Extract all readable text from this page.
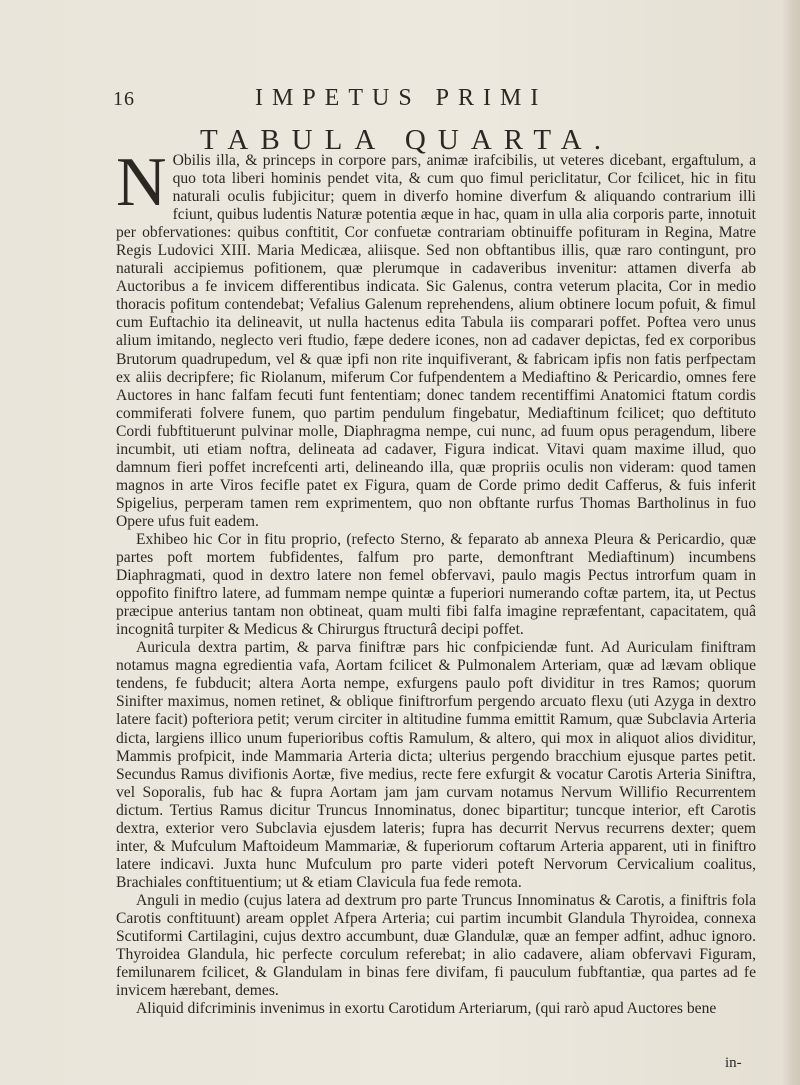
16	IMPETUS PRIMI
TABULA QUARTA.

N Obilis illa, & princeps in corpore pars, animæ irafcibilis, ut veteres dicebant, ergaftulum, a quo tota liberi hominis pendet vita, & cum quo fimul periclitatur, Cor fcilicet, hic in fitu naturali oculis fubjicitur; quem in diverfo homine diverfum & aliquando contrarium illi fciunt, quibus ludentis Naturæ potentia æque in hac, quam in ulla alia corporis parte, innotuit per obfervationes: quibus conftitit, Cor confuetæ contrariam obtinuiffe pofituram in Regina, Matre Regis Ludovici XIII. Maria Medicæa, aliisque. Sed non obftantibus illis, quæ raro contingunt, pro naturali accipiemus pofitionem, quæ plerumque in cadaveribus invenitur: attamen diverfa ab Auctoribus a fe invicem differentibus indicata. Sic Galenus, contra veterum placita, Cor in medio thoracis pofitum contendebat; Vefalius Galenum reprehendens, alium obtinere locum pofuit, & fimul cum Euftachio ita delineavit, ut nulla hactenus edita Tabula iis comparari poffet. Poftea vero unus alium imitando, neglecto veri ftudio, fæpe dedere icones, non ad cadaver depictas, fed ex corporibus Brutorum quadrupedum, vel & quæ ipfi non rite inquifiverant, & fabricam ipfis non fatis perfpectam ex aliis decripfere; fic Riolanum, miferum Cor fufpendentem a Mediaftino & Pericardio, omnes fere Auctores in hanc falfam fecuti funt fententiam; donec tandem recentiffimi Anatomici ftatum cordis commiferati folvere funem, quo partim pendulum fingebatur, Mediaftinum fcilicet; quo deftituto Cordi fubftituerunt pulvinar molle, Diaphragma nempe, cui nunc, ad fuum opus peragendum, libere incumbit, uti etiam noftra, delineata ad cadaver, Figura indicat. Vitavi quam maxime illud, quo damnum fieri poffet increfcenti arti, delineando illa, quæ propriis oculis non videram: quod tamen magnos in arte Viros fecifle patet ex Figura, quam de Corde primo dedit Cafferus, & fuis inferit Spigelius, perperam tamen rem exprimentem, quo non obftante rurfus Thomas Bartholinus in fuo Opere ufus fuit eadem.

Exhibeo hic Cor in fitu proprio, (refecto Sterno, & feparato ab annexa Pleura & Pericardio, quæ partes poft mortem fubfidentes, falfum pro parte, demonftrant Mediaftinum) incumbens Diaphragmati, quod in dextro latere non femel obfervavi, paulo magis Pectus introrfum quam in oppofito finiftro latere, ad fummam nempe quintæ a fuperiori numerando coftæ partem, ita, ut Pectus præcipue anterius tantam non obtineat, quam multi fibi falfa imagine repræfentant, capacitatem, quâ incognitâ turpiter & Medicus & Chirurgus ftructurâ decipi poffet.

Auricula dextra partim, & parva finiftræ pars hic confpiciendæ funt. Ad Auriculam finiftram notamus magna egredientia vafa, Aortam fcilicet & Pulmonalem Arteriam, quæ ad lævam oblique tendens, fe fubducit; altera Aorta nempe, exfurgens paulo poft dividitur in tres Ramos; quorum Sinifter maximus, nomen retinet, & oblique finiftrorfum pergendo arcuato flexu (uti Azyga in dextro latere facit) pofteriora petit; verum circiter in altitudine fumma emittit Ramum, quæ Subclavia Arteria dicta, largiens illico unum fuperioribus coftis Ramulum, & altero, qui mox in aliquot alios dividitur, Mammis profpicit, inde Mammaria Arteria dicta; ulterius pergendo bracchium ejusque partes petit. Secundus Ramus divifionis Aortæ, five medius, recte fere exfurgit & vocatur Carotis Arteria Siniftra, vel Soporalis, fub hac & fupra Aortam jam jam curvam notamus Nervum Willifio Recurrentem dictum. Tertius Ramus dicitur Truncus Innominatus, donec bipartitur; tuncque interior, eft Carotis dextra, exterior vero Subclavia ejusdem lateris; fupra has decurrit Nervus recurrens dexter; quem inter, & Mufculum Maftoideum Mammariæ, & fuperiorum coftarum Arteria apparent, uti in finiftro latere indicavi. Juxta hunc Mufculum pro parte videri poteft Nervorum Cervicalium coalitus, Brachiales conftituentium; ut & etiam Clavicula fua fede remota.

Anguli in medio (cujus latera ad dextrum pro parte Truncus Innominatus & Carotis, a finiftris fola Carotis conftituunt) aream opplet Afpera Arteria; cui partim incumbit Glandula Thyroidea, connexa Scutiformi Cartilagini, cujus dextro accumbunt, duæ Glandulæ, quæ an femper adfint, adhuc ignoro. Thyroidea Glandula, hic perfecte corculum referebat; in alio cadavere, aliam obfervavi Figuram, femilunarem fcilicet, & Glandulam in binas fere divifam, fi pauculum fubftantiæ, qua partes ad fe invicem hærebant, demes.

Aliquid difcriminis invenimus in exortu Carotidum Arteriarum, (qui rarò apud Auctores bene

in-
